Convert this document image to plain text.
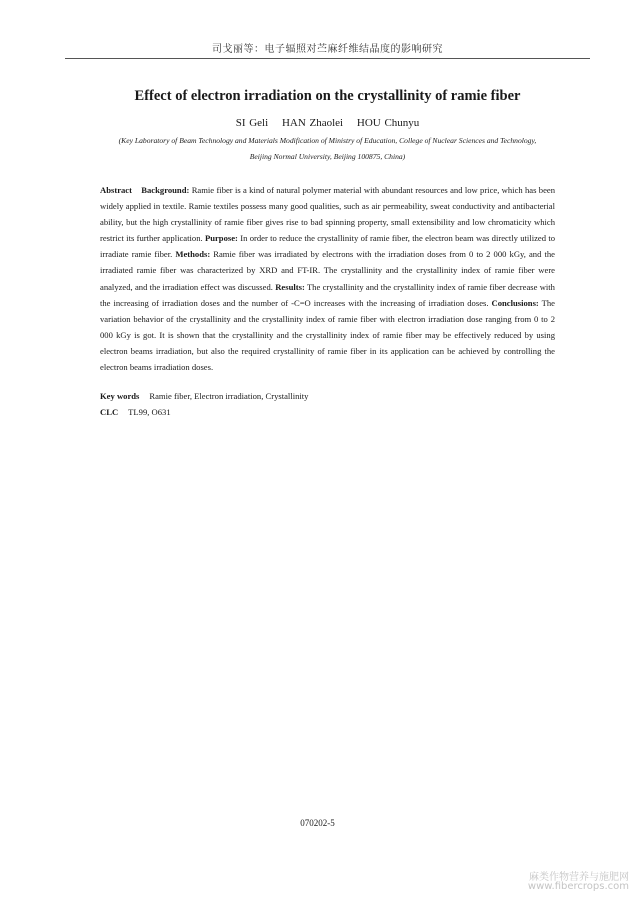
司戈丽等：电子辐照对苎麻纤维结晶度的影响研究
Effect of electron irradiation on the crystallinity of ramie fiber
SI Geli HAN Zhaolei HOU Chunyu
(Key Laboratory of Beam Technology and Materials Modification of Ministry of Education, College of Nuclear Sciences and Technology,
Beijing Normal University, Beijing 100875, China)
Abstract Background: Ramie fiber is a kind of natural polymer material with abundant resources and low price, which has been widely applied in textile. Ramie textiles possess many good qualities, such as air permeability, sweat conductivity and antibacterial ability, but the high crystallinity of ramie fiber gives rise to bad spinning property, small extensibility and low chromaticity which restrict its further application. Purpose: In order to reduce the crystallinity of ramie fiber, the electron beam was directly utilized to irradiate ramie fiber. Methods: Ramie fiber was irradiated by electrons with the irradiation doses from 0 to 2 000 kGy, and the irradiated ramie fiber was characterized by XRD and FT-IR. The crystallinity and the crystallinity index of ramie fiber were analyzed, and the irradiation effect was discussed. Results: The crystallinity and the crystallinity index of ramie fiber decrease with the increasing of irradiation doses and the number of -C=O increases with the increasing of irradiation doses. Conclusions: The variation behavior of the crystallinity and the crystallinity index of ramie fiber with electron irradiation dose ranging from 0 to 2 000 kGy is got. It is shown that the crystallinity and the crystallinity index of ramie fiber may be effectively reduced by using electron beams irradiation, but also the required crystallinity of ramie fiber in its application can be achieved by controlling the electron beams irradiation doses.
Key words Ramie fiber, Electron irradiation, Crystallinity
CLC TL99, O631
070202-5
麻类作物营养与施肥网
www.fibercrops.com
